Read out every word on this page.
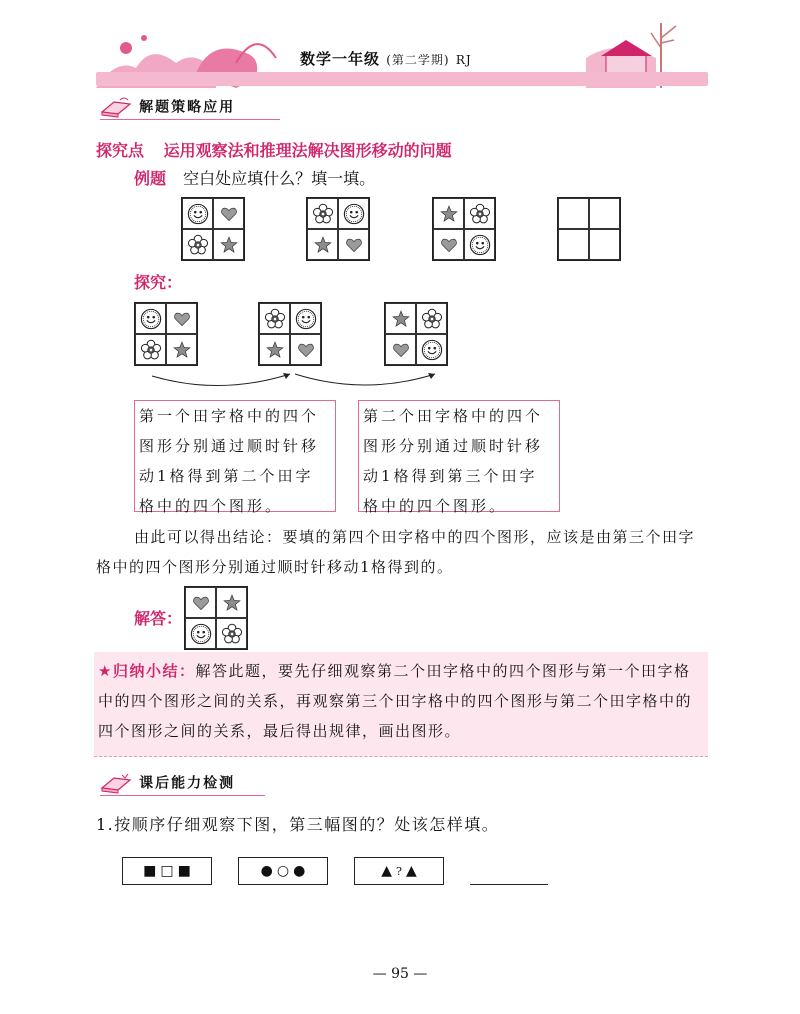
数学一年级 (第二学期) RJ
解题策略应用
探究点 运用观察法和推理法解决图形移动的问题
例题 空白处应填什么？填一填。
探究：
第一个田字格中的四个图形分别通过顺时针移动1格得到第二个田字格中的四个图形。
第二个田字格中的四个图形分别通过顺时针移动1格得到第三个田字格中的四个图形。
由此可以得出结论：要填的第四个田字格中的四个图形，应该是由第三个田字格中的四个图形分别通过顺时针移动1格得到的。
解答：
★归纳小结：解答此题，要先仔细观察第二个田字格中的四个图形与第一个田字格中的四个图形之间的关系，再观察第三个田字格中的四个图形与第二个田字格中的四个图形之间的关系，最后得出规律，画出图形。
课后能力检测
1.按顺序仔细观察下图，第三幅图的？处该怎样填。
■ □ ■	● ○ ●	▲ ? ▲
— 95 —
